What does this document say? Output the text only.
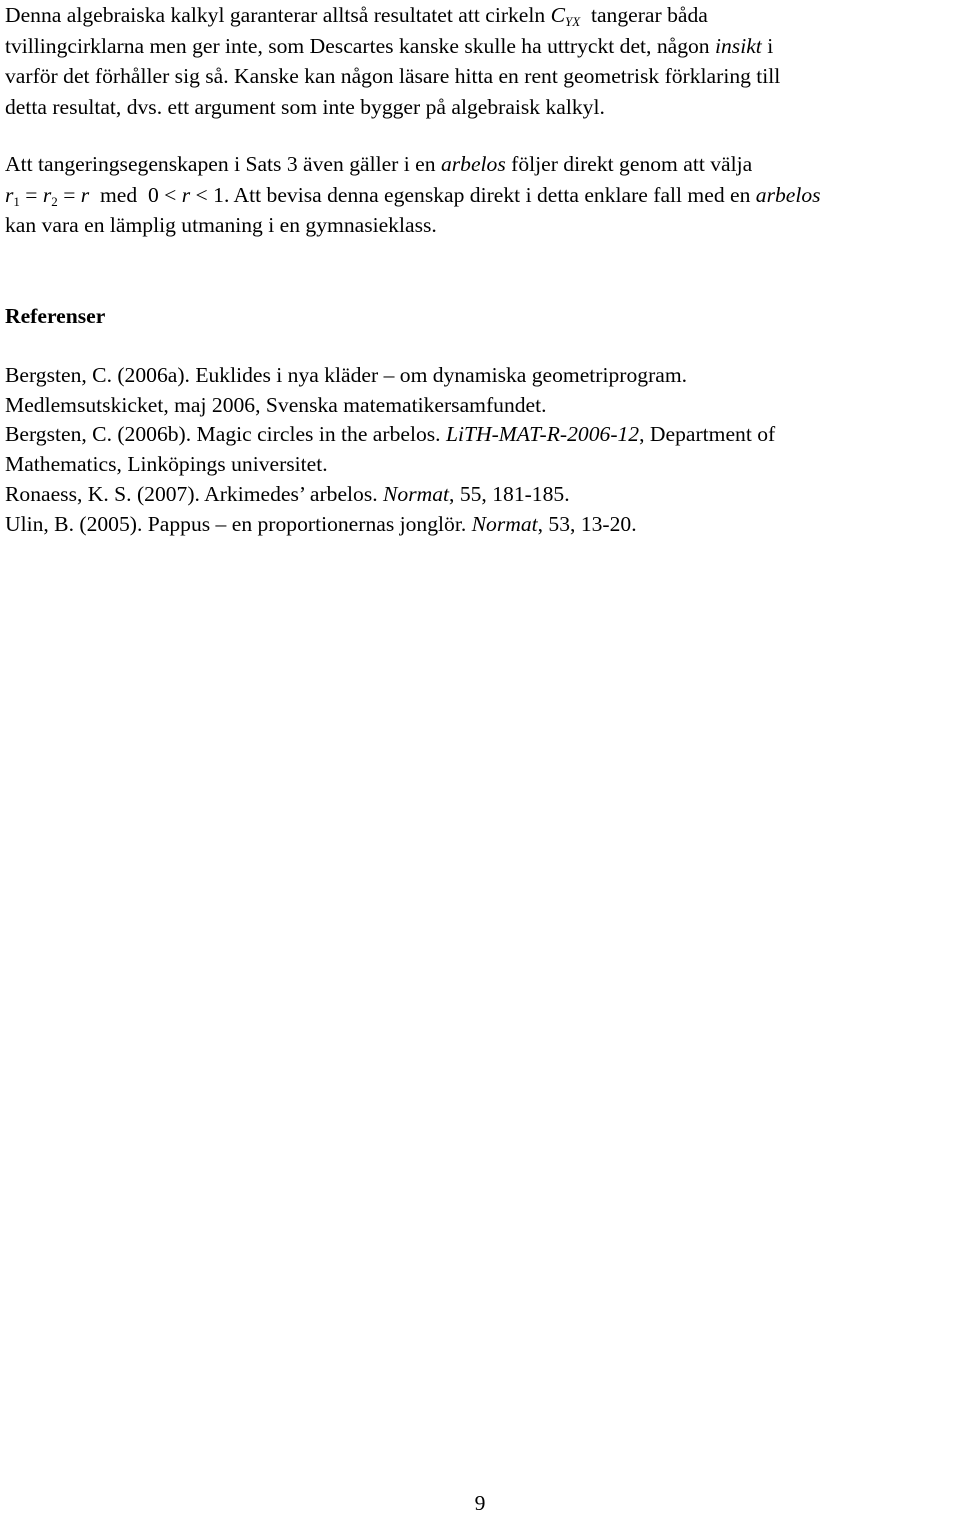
Denna algebraiska kalkyl garanterar alltså resultatet att cirkeln $C_{YX}$  tangerar båda
tvillingcirklarna men ger inte, som Descartes kanske skulle ha uttryckt det, någon insikt i
varför det förhåller sig så. Kanske kan någon läsare hitta en rent geometrisk förklaring till
detta resultat, dvs. ett argument som inte bygger på algebraisk kalkyl.

Att tangeringsegenskapen i Sats 3 även gäller i en arbelos följer direkt genom att välja
$r_1 = r_2 = r$  med  0 < r < 1. Att bevisa denna egenskap direkt i detta enklare fall med en arbelos
kan vara en lämplig utmaning i en gymnasieklass.

Referenser
Bergsten, C. (2006a). Euklides i nya kläder – om dynamiska geometriprogram.
Medlemsutskicket, maj 2006, Svenska matematikersamfundet.
Bergsten, C. (2006b). Magic circles in the arbelos. LiTH-MAT-R-2006-12, Department of
Mathematics, Linköpings universitet.
Ronaess, K. S. (2007). Arkimedes’ arbelos. Normat, 55, 181-185.
Ulin, B. (2005). Pappus – en proportionernas jonglör. Normat, 53, 13-20.

9
